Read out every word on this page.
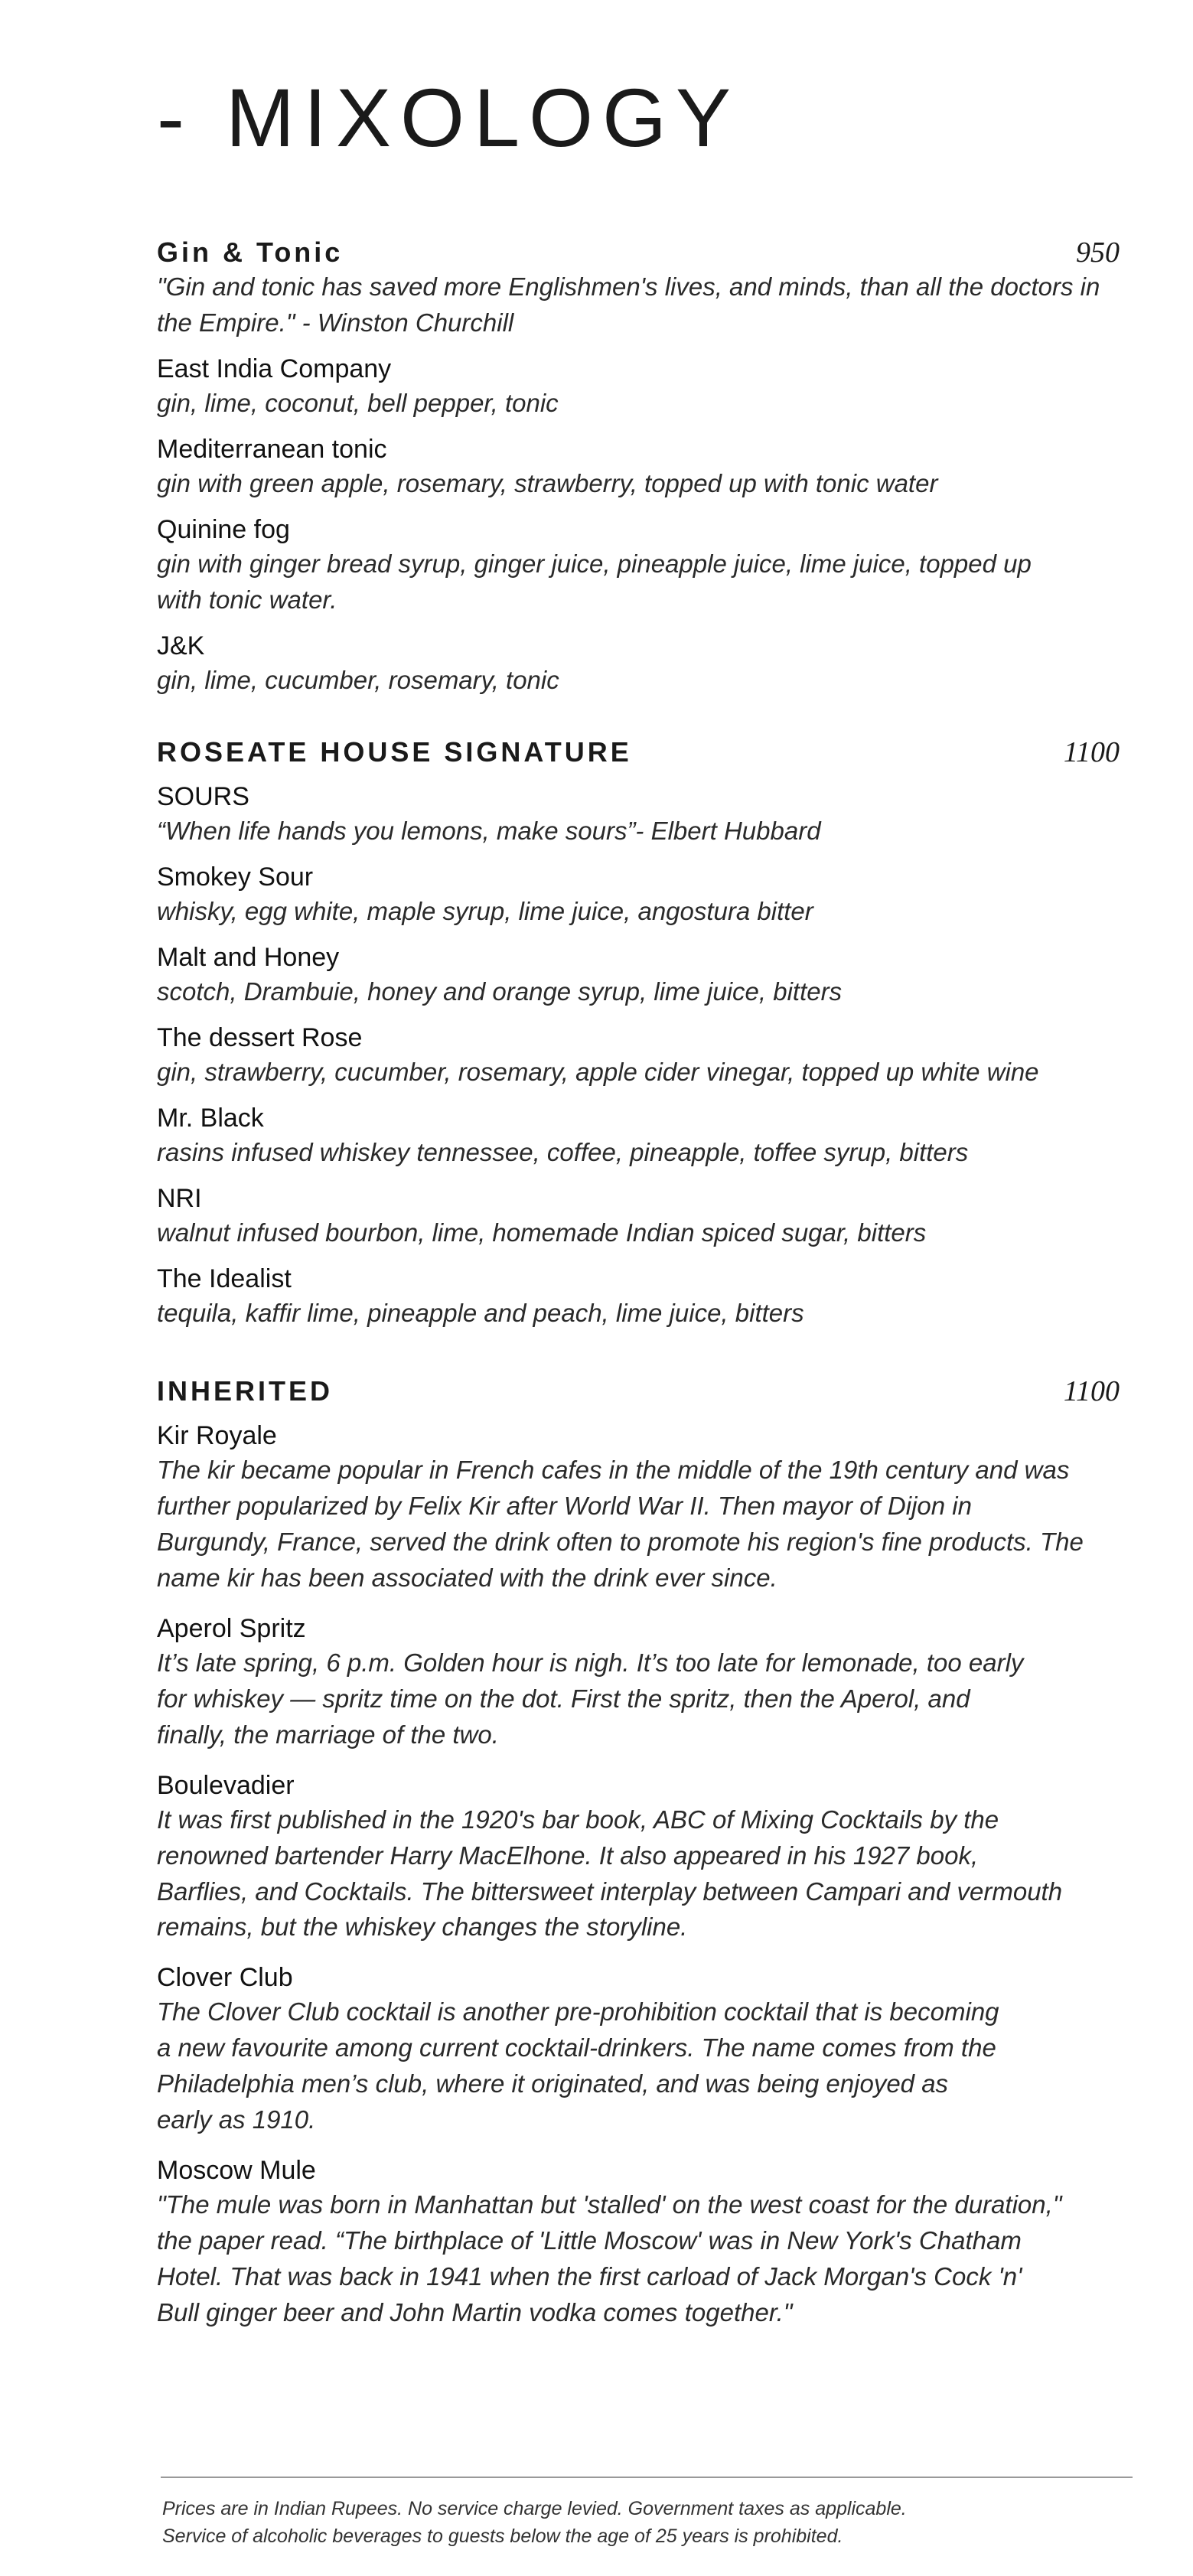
- MIXOLOGY
Gin & Tonic	950
"Gin and tonic has saved more Englishmen's lives, and minds, than all the doctors in the Empire." - Winston Churchill
East India Company
gin, lime, coconut, bell pepper, tonic
Mediterranean tonic
gin with green apple, rosemary, strawberry, topped up with tonic water
Quinine fog
gin with ginger bread syrup, ginger juice, pineapple juice, lime juice, topped up with tonic water.
J&K
gin, lime, cucumber, rosemary, tonic
ROSEATE HOUSE SIGNATURE	1100
SOURS
“When life hands you lemons, make sours”- Elbert Hubbard
Smokey Sour
whisky, egg white, maple syrup, lime juice, angostura bitter
Malt and Honey
scotch, Drambuie, honey and orange syrup, lime juice, bitters
The dessert Rose
gin, strawberry, cucumber, rosemary, apple cider vinegar, topped up white wine
Mr. Black
rasins infused whiskey tennessee, coffee, pineapple, toffee syrup, bitters
NRI
walnut infused bourbon, lime, homemade Indian spiced sugar, bitters
The Idealist
tequila, kaffir lime, pineapple and peach, lime juice, bitters
INHERITED	1100
Kir Royale
The kir became popular in French cafes in the middle of the 19th century and was further popularized by Felix Kir after World War II. Then mayor of Dijon in Burgundy, France, served the drink often to promote his region's fine products. The name kir has been associated with the drink ever since.
Aperol Spritz
It’s late spring, 6 p.m. Golden hour is nigh. It’s too late for lemonade, too early for whiskey — spritz time on the dot. First the spritz, then the Aperol, and finally, the marriage of the two.
Boulevadier
It was first published in the 1920's bar book, ABC of Mixing Cocktails by the renowned bartender Harry MacElhone. It also appeared in his 1927 book, Barflies, and Cocktails. The bittersweet interplay between Campari and vermouth remains, but the whiskey changes the storyline.
Clover Club
The Clover Club cocktail is another pre-prohibition cocktail that is becoming a new favourite among current cocktail-drinkers. The name comes from the Philadelphia men’s club, where it originated, and was being enjoyed as early as 1910.
Moscow Mule
"The mule was born in Manhattan but 'stalled' on the west coast for the duration," the paper read. “The birthplace of 'Little Moscow' was in New York's Chatham Hotel. That was back in 1941 when the first carload of Jack Morgan's Cock 'n' Bull ginger beer and John Martin vodka comes together."
Prices are in Indian Rupees. No service charge levied. Government taxes as applicable.
Service of alcoholic beverages to guests below the age of 25 years is prohibited.
